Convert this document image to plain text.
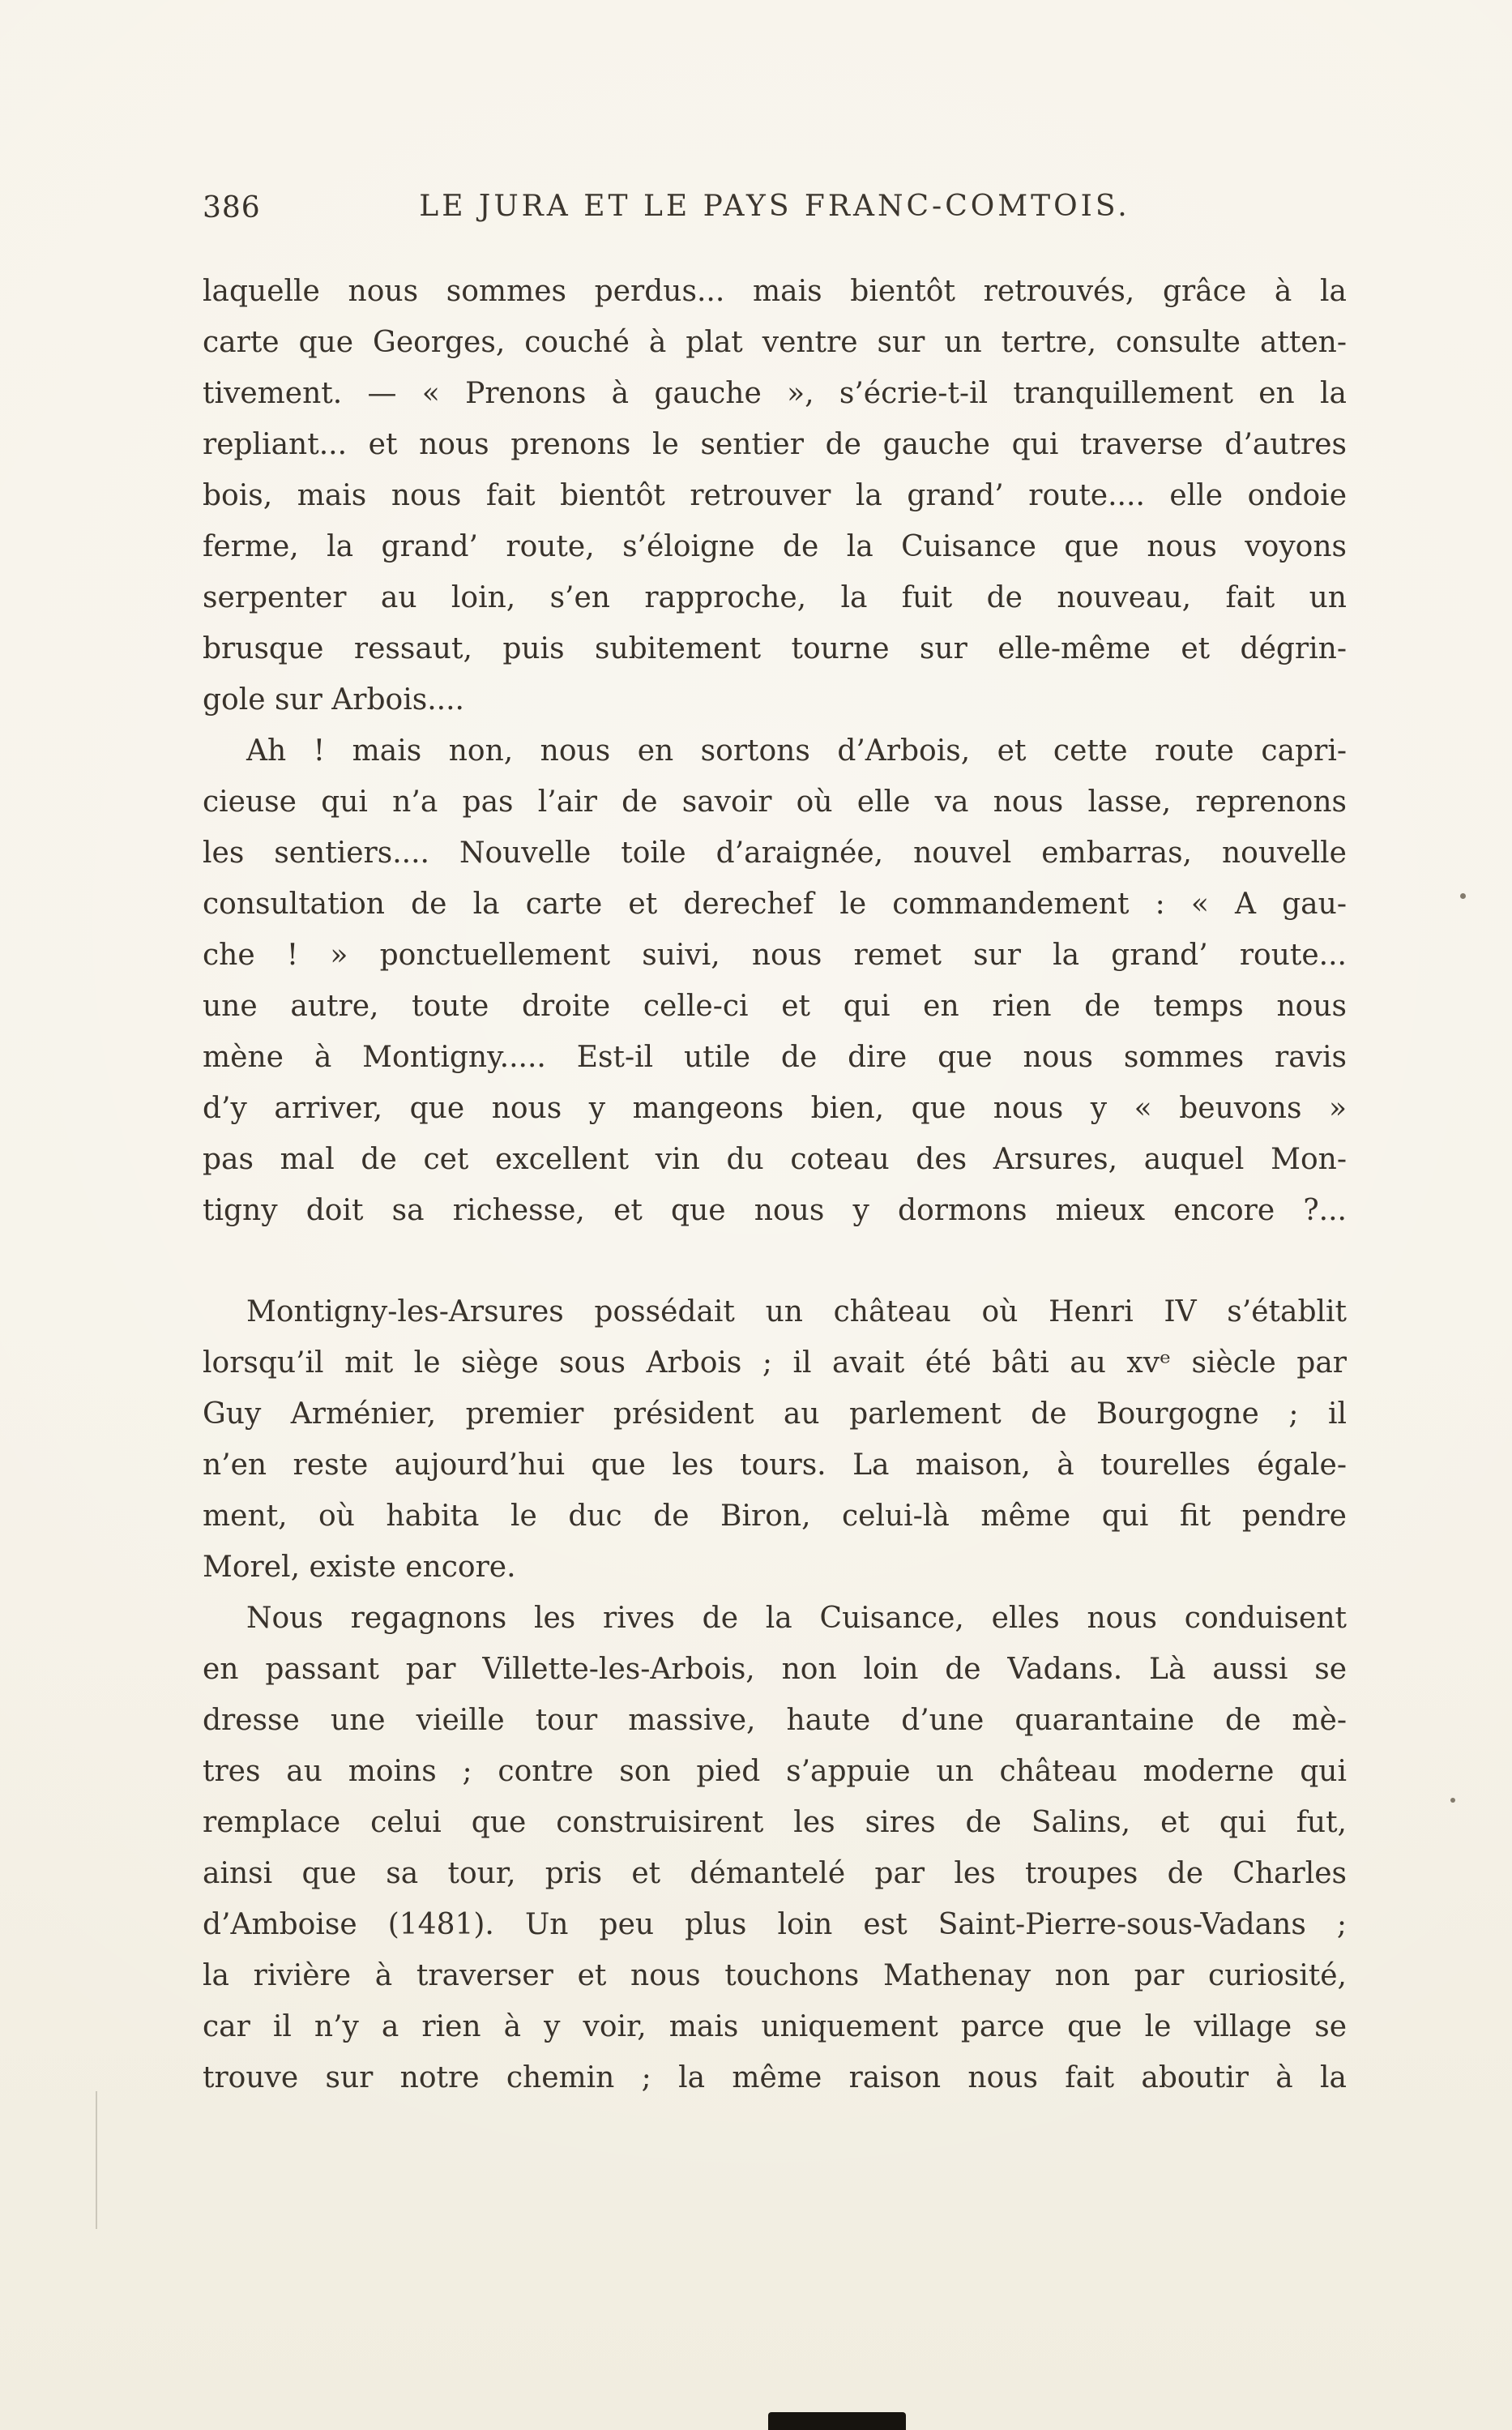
386	LE JURA ET LE PAYS FRANC-COMTOIS.
laquelle nous sommes perdus... mais bientôt retrouvés, grâce à la
carte que Georges, couché à plat ventre sur un tertre, consulte atten-
tivement. — « Prenons à gauche », s’écrie-t-il tranquillement en la
repliant... et nous prenons le sentier de gauche qui traverse d’autres
bois, mais nous fait bientôt retrouver la grand’ route.... elle ondoie
ferme, la grand’ route, s’éloigne de la Cuisance que nous voyons
serpenter au loin, s’en rapproche, la fuit de nouveau, fait un
brusque ressaut, puis subitement tourne sur elle-même et dégrin-
gole sur Arbois....
Ah ! mais non, nous en sortons d’Arbois, et cette route capri-
cieuse qui n’a pas l’air de savoir où elle va nous lasse, reprenons
les sentiers.... Nouvelle toile d’araignée, nouvel embarras, nouvelle
consultation de la carte et derechef le commandement : « A gau-
che ! » ponctuellement suivi, nous remet sur la grand’ route...
une autre, toute droite celle-ci et qui en rien de temps nous
mène à Montigny..... Est-il utile de dire que nous sommes ravis
d’y arriver, que nous y mangeons bien, que nous y « beuvons »
pas mal de cet excellent vin du coteau des Arsures, auquel Mon-
tigny doit sa richesse, et que nous y dormons mieux encore ?...
Montigny-les-Arsures possédait un château où Henri IV s’établit
lorsqu’il mit le siège sous Arbois ; il avait été bâti au xvᵉ siècle par
Guy Arménier, premier président au parlement de Bourgogne ; il
n’en reste aujourd’hui que les tours. La maison, à tourelles égale-
ment, où habita le duc de Biron, celui-là même qui fit pendre
Morel, existe encore.
Nous regagnons les rives de la Cuisance, elles nous conduisent
en passant par Villette-les-Arbois, non loin de Vadans. Là aussi se
dresse une vieille tour massive, haute d’une quarantaine de mè-
tres au moins ; contre son pied s’appuie un château moderne qui
remplace celui que construisirent les sires de Salins, et qui fut,
ainsi que sa tour, pris et démantelé par les troupes de Charles
d’Amboise (1481). Un peu plus loin est Saint-Pierre-sous-Vadans ;
la rivière à traverser et nous touchons Mathenay non par curiosité,
car il n’y a rien à y voir, mais uniquement parce que le village se
trouve sur notre chemin ; la même raison nous fait aboutir à la
